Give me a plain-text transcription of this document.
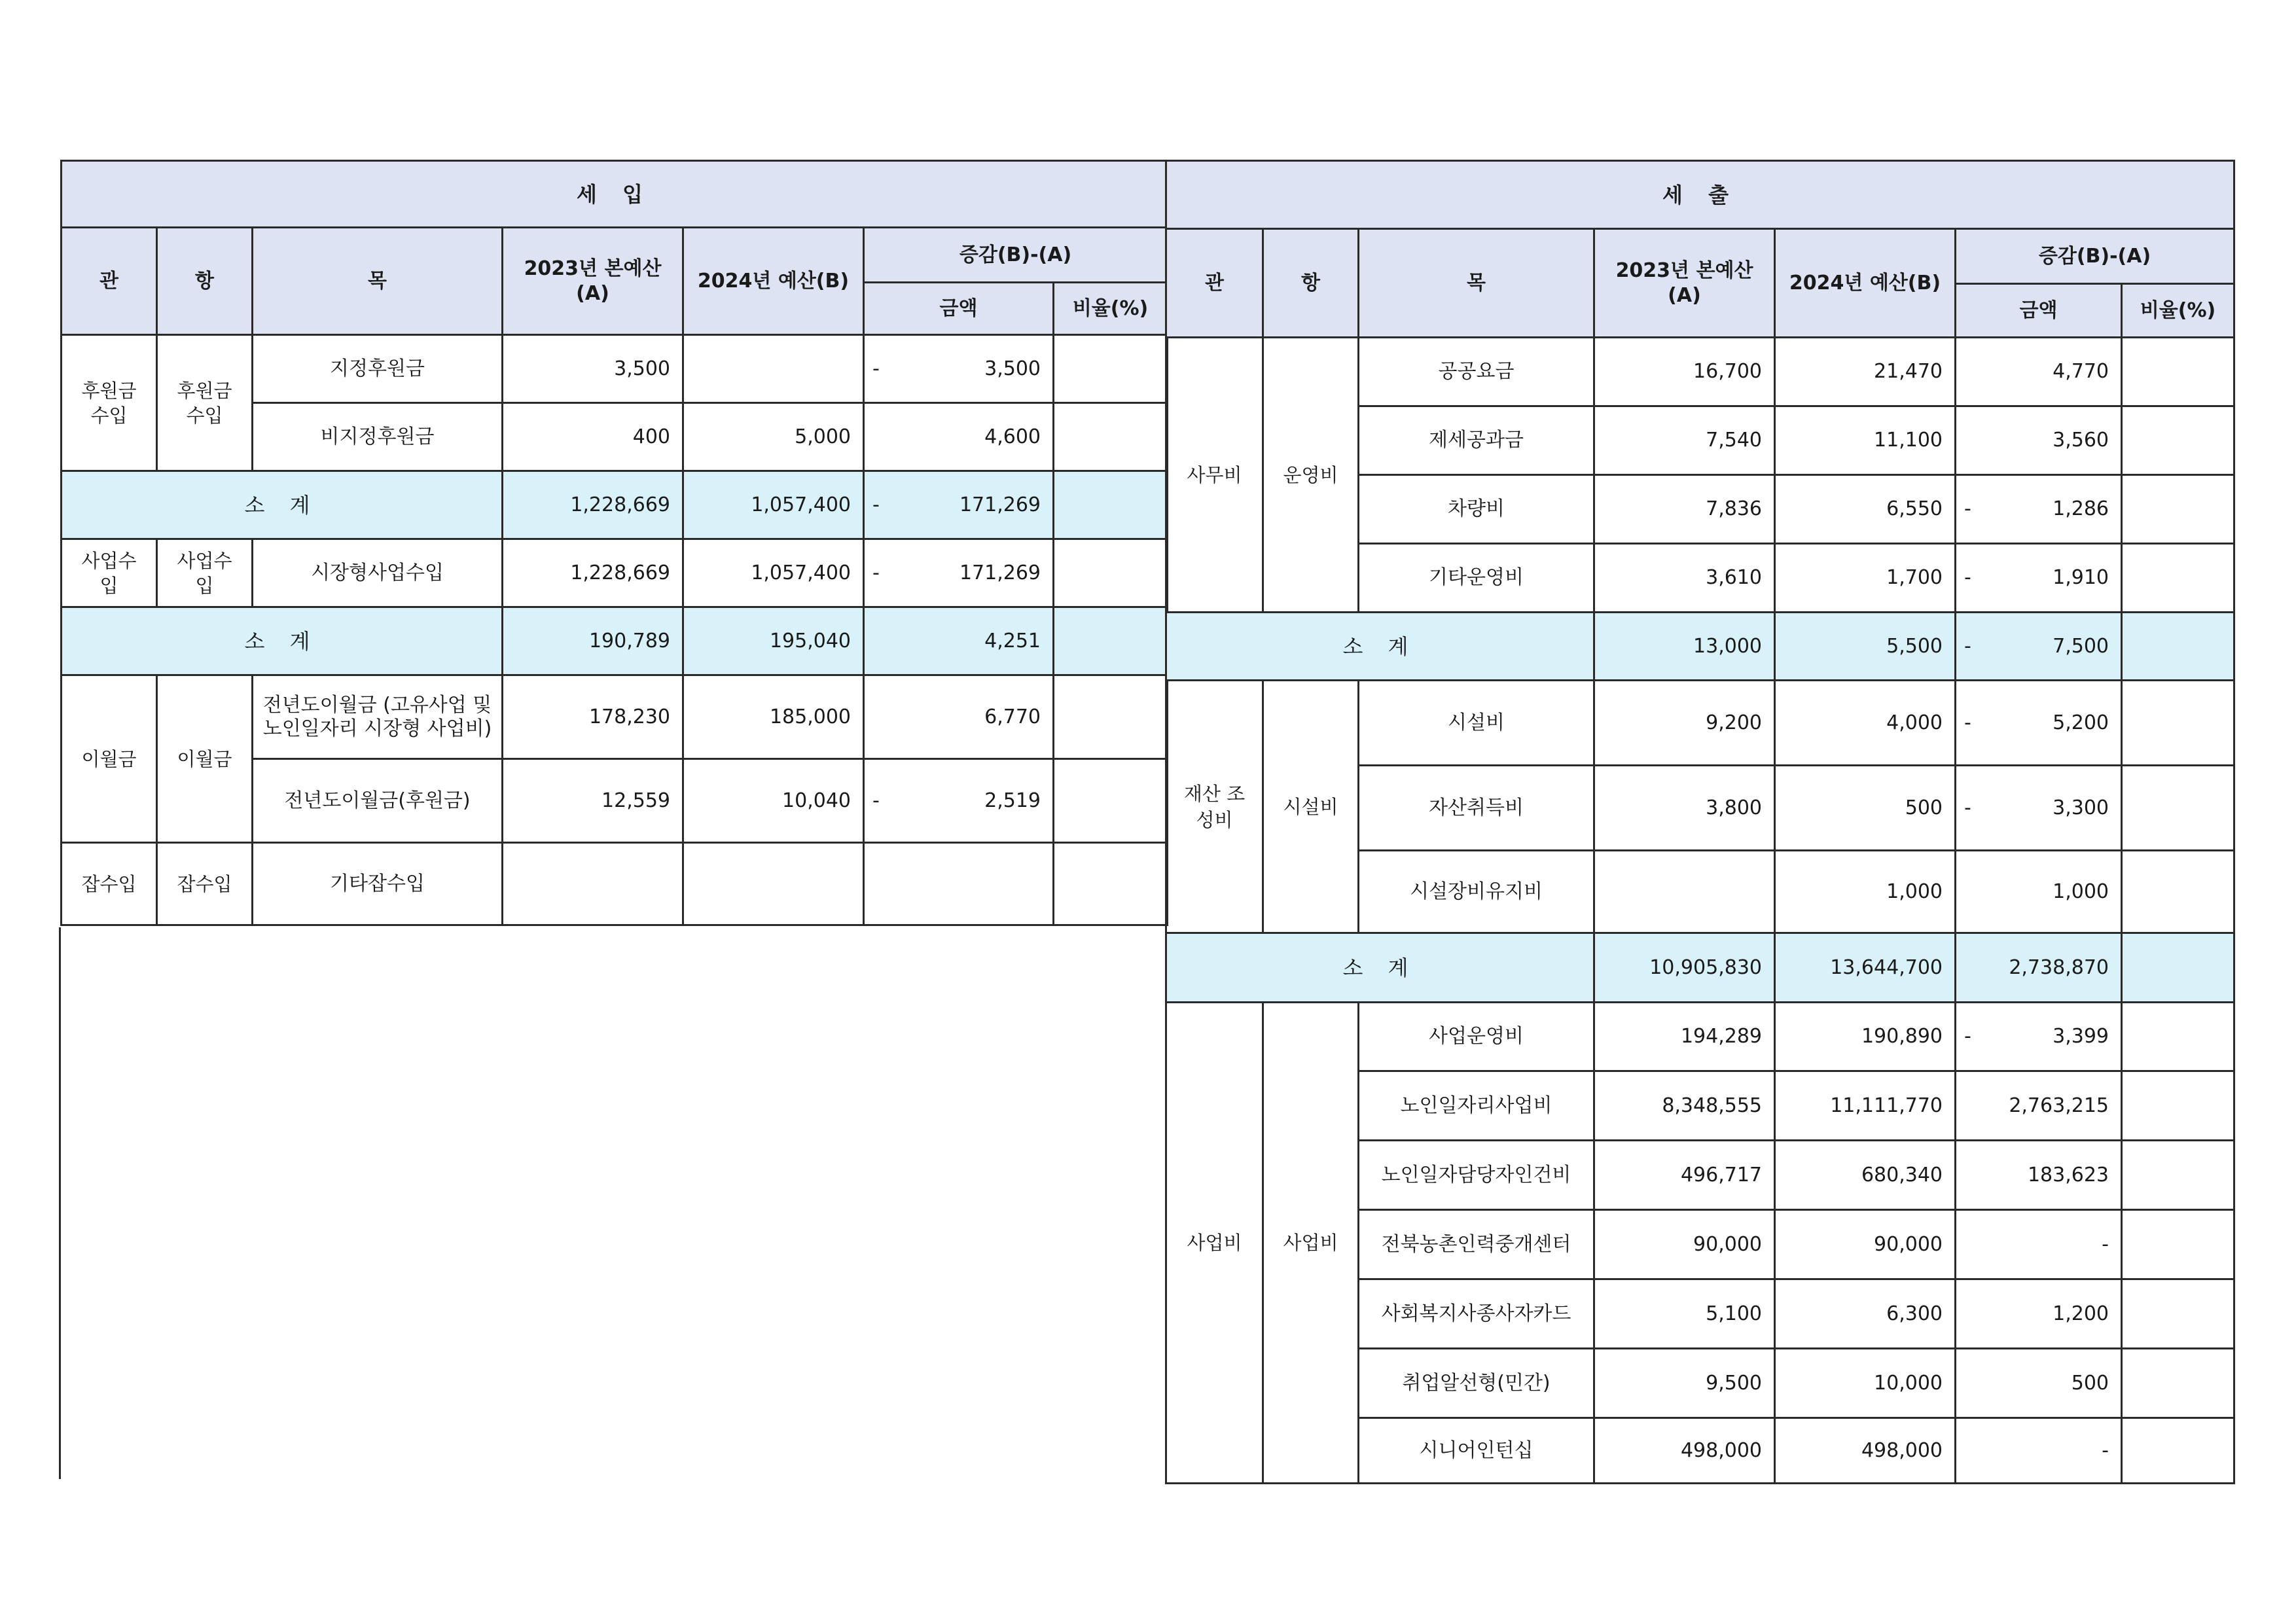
세 입						
관	항	목	2023년 본예산(A)	2024년 예산(B)	증감(B)-(A)	
					금액	비율(%)
후원금 수입	후원금 수입	지정후원금	3,500		- 3,500	
		비지정후원금	400	5,000	4,600	
소 계			1,228,669	1,057,400	- 171,269	
사업수입	사업수입	시장형사업수입	1,228,669	1,057,400	- 171,269	
소 계			190,789	195,040	4,251	
이월금	이월금	전년도이월금 (고유사업 및 노인일자리 시장형 사업비)	178,230	185,000	6,770	
		전년도이월금(후원금)	12,559	10,040	- 2,519	
잡수입	잡수입	기타잡수입			

세 출						
관	항	목	2023년 본예산(A)	2024년 예산(B)	증감(B)-(A)	
					금액	비율(%)
사무비	운영비	공공요금	16,700	21,470	4,770	
		제세공과금	7,540	11,100	3,560	
		차량비	7,836	6,550	- 1,286	
		기타운영비	3,610	1,700	- 1,910	
소 계			13,000	5,500	- 7,500	
재산 조성비	시설비	시설비	9,200	4,000	- 5,200	
		자산취득비	3,800	500	- 3,300	
		시설장비유지비		1,000	1,000	
소 계			10,905,830	13,644,700	2,738,870	
사업비	사업비	사업운영비	194,289	190,890	- 3,399	
		노인일자리사업비	8,348,555	11,111,770	2,763,215	
		노인일자담당자인건비	496,717	680,340	183,623	
		전북농촌인력중개센터	90,000	90,000	-	
		사회복지사종사자카드	5,100	6,300	1,200	
		취업알선형(민간)	9,500	10,000	500	
		시니어인턴십	498,000	498,000	-	
